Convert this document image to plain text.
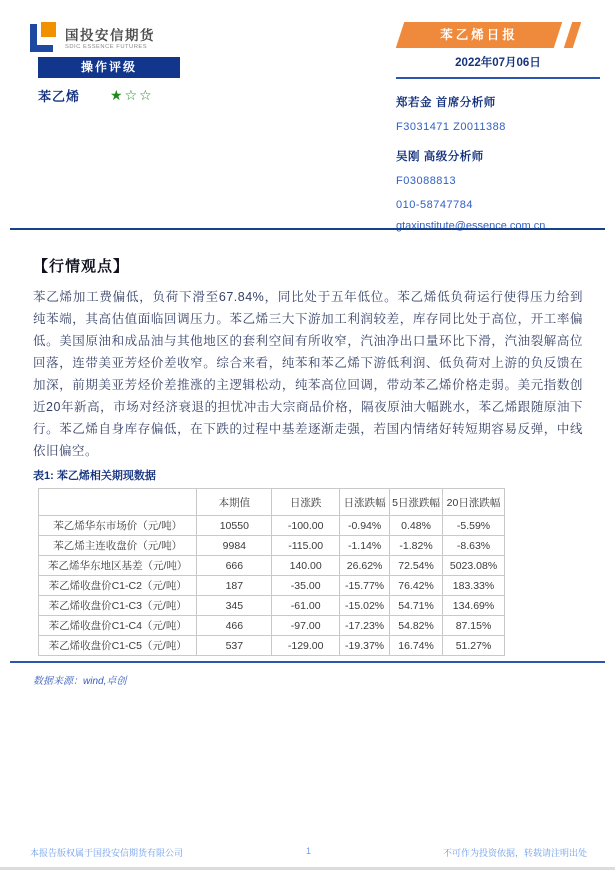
国投安信期货
SDIC ESSENCE FUTURES
操作评级
苯乙烯 ★☆☆
苯乙烯日报
2022年07月06日
郑若金 首席分析师
F3031471 Z0011388
吴刚 高级分析师
F03088813
010-58747784
gtaxinstitute@essence.com.cn
【行情观点】
苯乙烯加工费偏低，负荷下滑至67.84%，同比处于五年低位。苯乙烯低负荷运行使得压力给到纯苯端，其高估值面临回调压力。苯乙烯三大下游加工利润较差，库存同比处于高位，开工率偏低。美国原油和成品油与其他地区的套利空间有所收窄，汽油净出口量环比下滑，汽油裂解高位回落，连带美亚芳烃价差收窄。综合来看，纯苯和苯乙烯下游低利润、低负荷对上游的负反馈在加深，前期美亚芳烃价差推涨的主逻辑松动，纯苯高位回调，带动苯乙烯价格走弱。美元指数创近20年新高，市场对经济衰退的担忧冲击大宗商品价格，隔夜原油大幅跳水，苯乙烯跟随原油下行。苯乙烯自身库存偏低，在下跌的过程中基差逐渐走强，若国内情绪好转短期容易反弹，中线依旧偏空。
表1: 苯乙烯相关期现数据
	本期值	日涨跌	日涨跌幅	5日涨跌幅	20日涨跌幅
苯乙烯华东市场价（元/吨）	10550	-100.00	-0.94%	0.48%	-5.59%
苯乙烯主连收盘价（元/吨）	9984	-115.00	-1.14%	-1.82%	-8.63%
苯乙烯华东地区基差（元/吨）	666	140.00	26.62%	72.54%	5023.08%
苯乙烯收盘价C1-C2（元/吨）	187	-35.00	-15.77%	76.42%	183.33%
苯乙烯收盘价C1-C3（元/吨）	345	-61.00	-15.02%	54.71%	134.69%
苯乙烯收盘价C1-C4（元/吨）	466	-97.00	-17.23%	54.82%	87.15%
苯乙烯收盘价C1-C5（元/吨）	537	-129.00	-19.37%	16.74%	51.27%
数据来源：wind,卓创
本报告版权属于国投安信期货有限公司	1	不可作为投资依据，转载请注明出处
